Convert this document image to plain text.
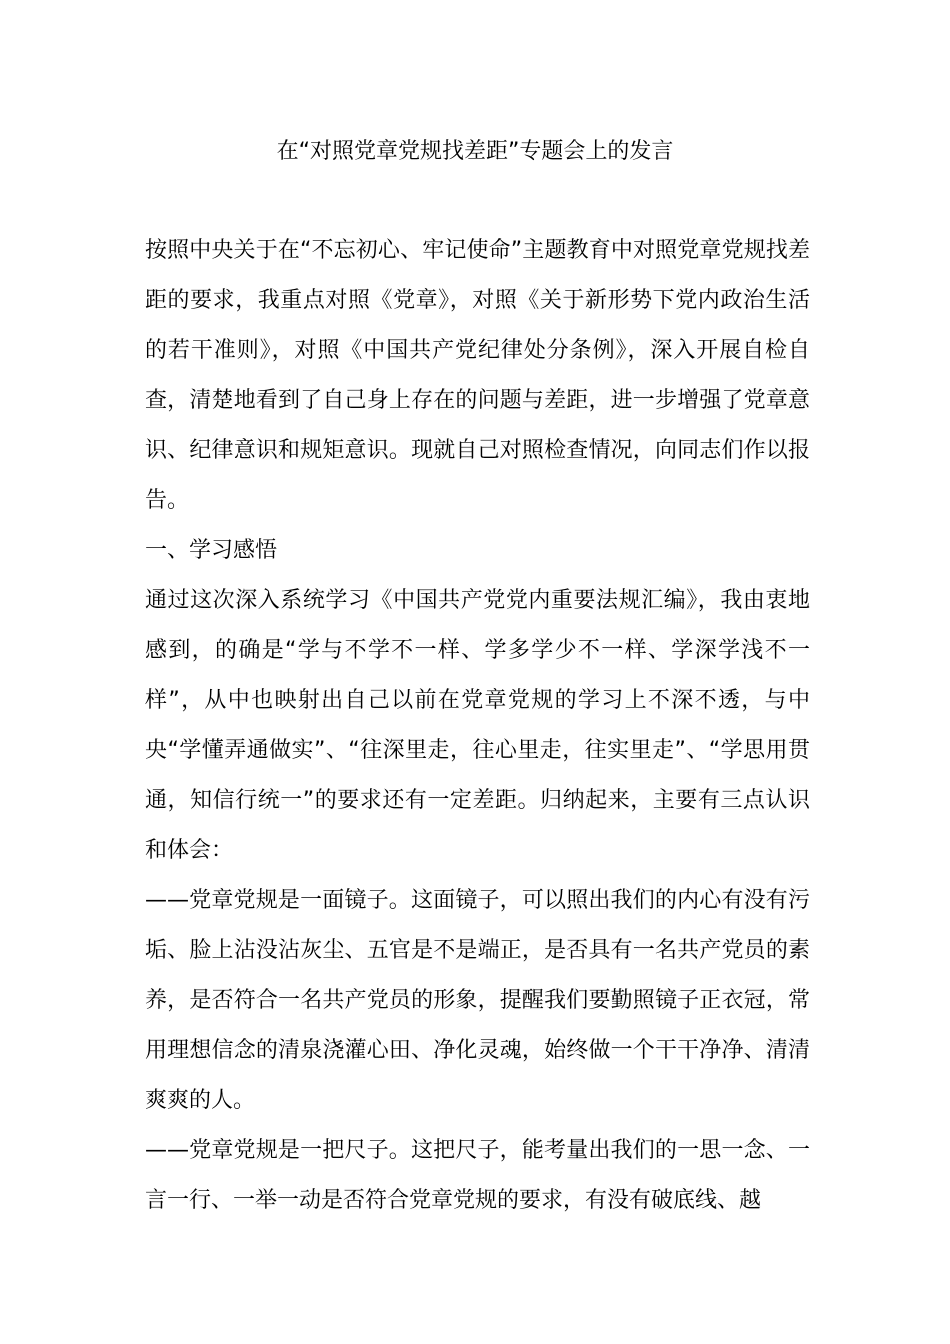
在“对照党章党规找差距”专题会上的发言

按照中央关于在“不忘初心、牢记使命”主题教育中对照党章党规找差距的要求，我重点对照《党章》，对照《关于新形势下党内政治生活的若干准则》，对照《中国共产党纪律处分条例》，深入开展自检自查，清楚地看到了自己身上存在的问题与差距，进一步增强了党章意识、纪律意识和规矩意识。现就自己对照检查情况，向同志们作以报告。

一、学习感悟

通过这次深入系统学习《中国共产党党内重要法规汇编》，我由衷地感到，的确是“学与不学不一样、学多学少不一样、学深学浅不一样”，从中也映射出自己以前在党章党规的学习上不深不透，与中央“学懂弄通做实”、“往深里走，往心里走，往实里走”、“学思用贯通，知信行统一”的要求还有一定差距。归纳起来，主要有三点认识和体会：

——党章党规是一面镜子。这面镜子，可以照出我们的内心有没有污垢、脸上沾没沾灰尘、五官是不是端正，是否具有一名共产党员的素养，是否符合一名共产党员的形象，提醒我们要勤照镜子正衣冠，常用理想信念的清泉浇灌心田、净化灵魂，始终做一个干干净净、清清爽爽的人。

——党章党规是一把尺子。这把尺子，能考量出我们的一思一念、一言一行、一举一动是否符合党章党规的要求，有没有破底线、越
